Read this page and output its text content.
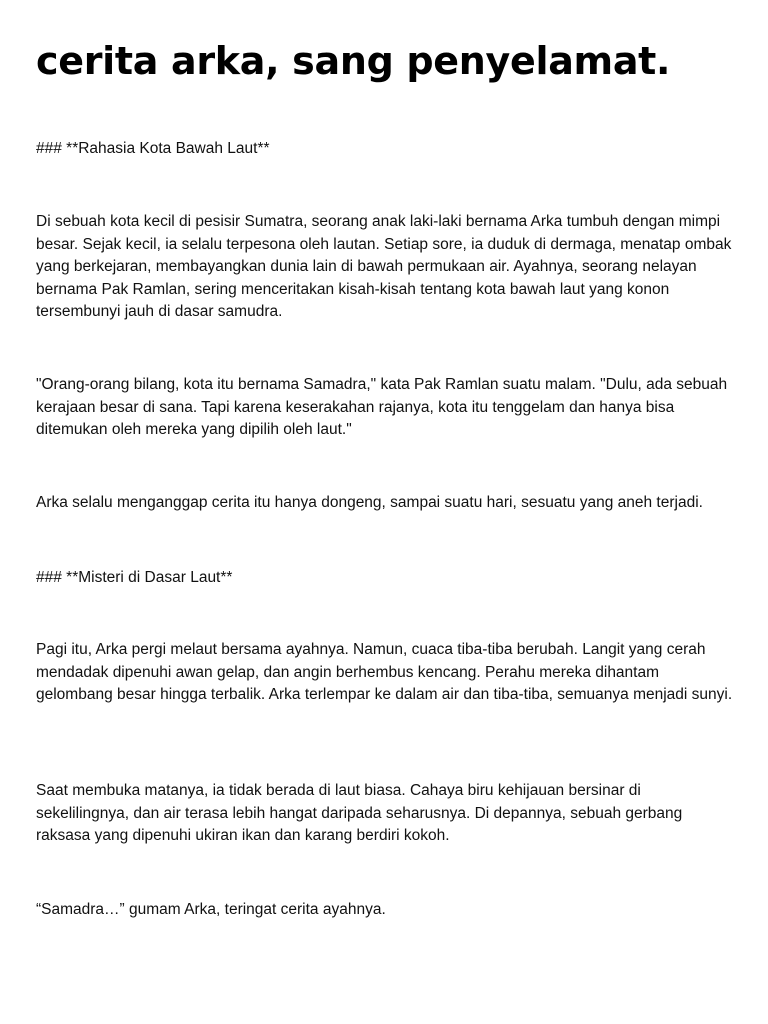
cerita arka, sang penyelamat.

### **Rahasia Kota Bawah Laut**

Di sebuah kota kecil di pesisir Sumatra, seorang anak laki-laki bernama Arka tumbuh dengan mimpi besar. Sejak kecil, ia selalu terpesona oleh lautan. Setiap sore, ia duduk di dermaga, menatap ombak yang berkejaran, membayangkan dunia lain di bawah permukaan air. Ayahnya, seorang nelayan bernama Pak Ramlan, sering menceritakan kisah-kisah tentang kota bawah laut yang konon tersembunyi jauh di dasar samudra.

"Orang-orang bilang, kota itu bernama Samadra," kata Pak Ramlan suatu malam. "Dulu, ada sebuah kerajaan besar di sana. Tapi karena keserakahan rajanya, kota itu tenggelam dan hanya bisa ditemukan oleh mereka yang dipilih oleh laut."

Arka selalu menganggap cerita itu hanya dongeng, sampai suatu hari, sesuatu yang aneh terjadi.

### **Misteri di Dasar Laut**

Pagi itu, Arka pergi melaut bersama ayahnya. Namun, cuaca tiba-tiba berubah. Langit yang cerah mendadak dipenuhi awan gelap, dan angin berhembus kencang. Perahu mereka dihantam gelombang besar hingga terbalik. Arka terlempar ke dalam air dan tiba-tiba, semuanya menjadi sunyi.

Saat membuka matanya, ia tidak berada di laut biasa. Cahaya biru kehijauan bersinar di sekelilingnya, dan air terasa lebih hangat daripada seharusnya. Di depannya, sebuah gerbang raksasa yang dipenuhi ukiran ikan dan karang berdiri kokoh.

“Samadra…” gumam Arka, teringat cerita ayahnya.
